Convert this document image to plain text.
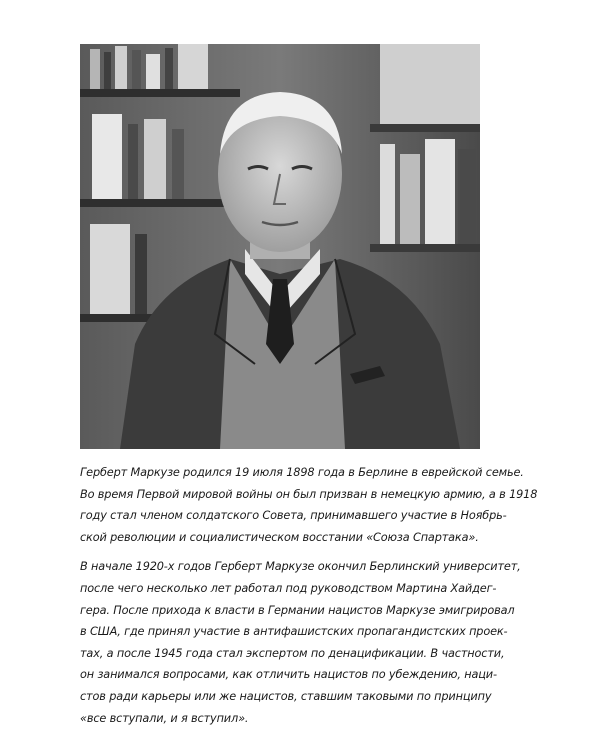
Герберт Маркузе родился 19 июля 1898 года в Берлине в еврейской семье.
Во время Первой мировой войны он был призван в немецкую армию, а в 1918
году стал членом солдатского Совета, принимавшего участие в Ноябрь-
ской революции и социалистическом восстании «Союза Спартака».

В начале 1920-х годов Герберт Маркузе окончил Берлинский университет,
после чего несколько лет работал под руководством Мартина Хайдег-
гера. После прихода к власти в Германии нацистов Маркузе эмигрировал
в США, где принял участие в антифашистских пропагандистских проек-
тах, а после 1945 года стал экспертом по денацификации. В частности,
он занимался вопросами, как отличить нацистов по убеждению, наци-
стов ради карьеры или же нацистов, ставшим таковыми по принципу
«все вступали, и я вступил».
